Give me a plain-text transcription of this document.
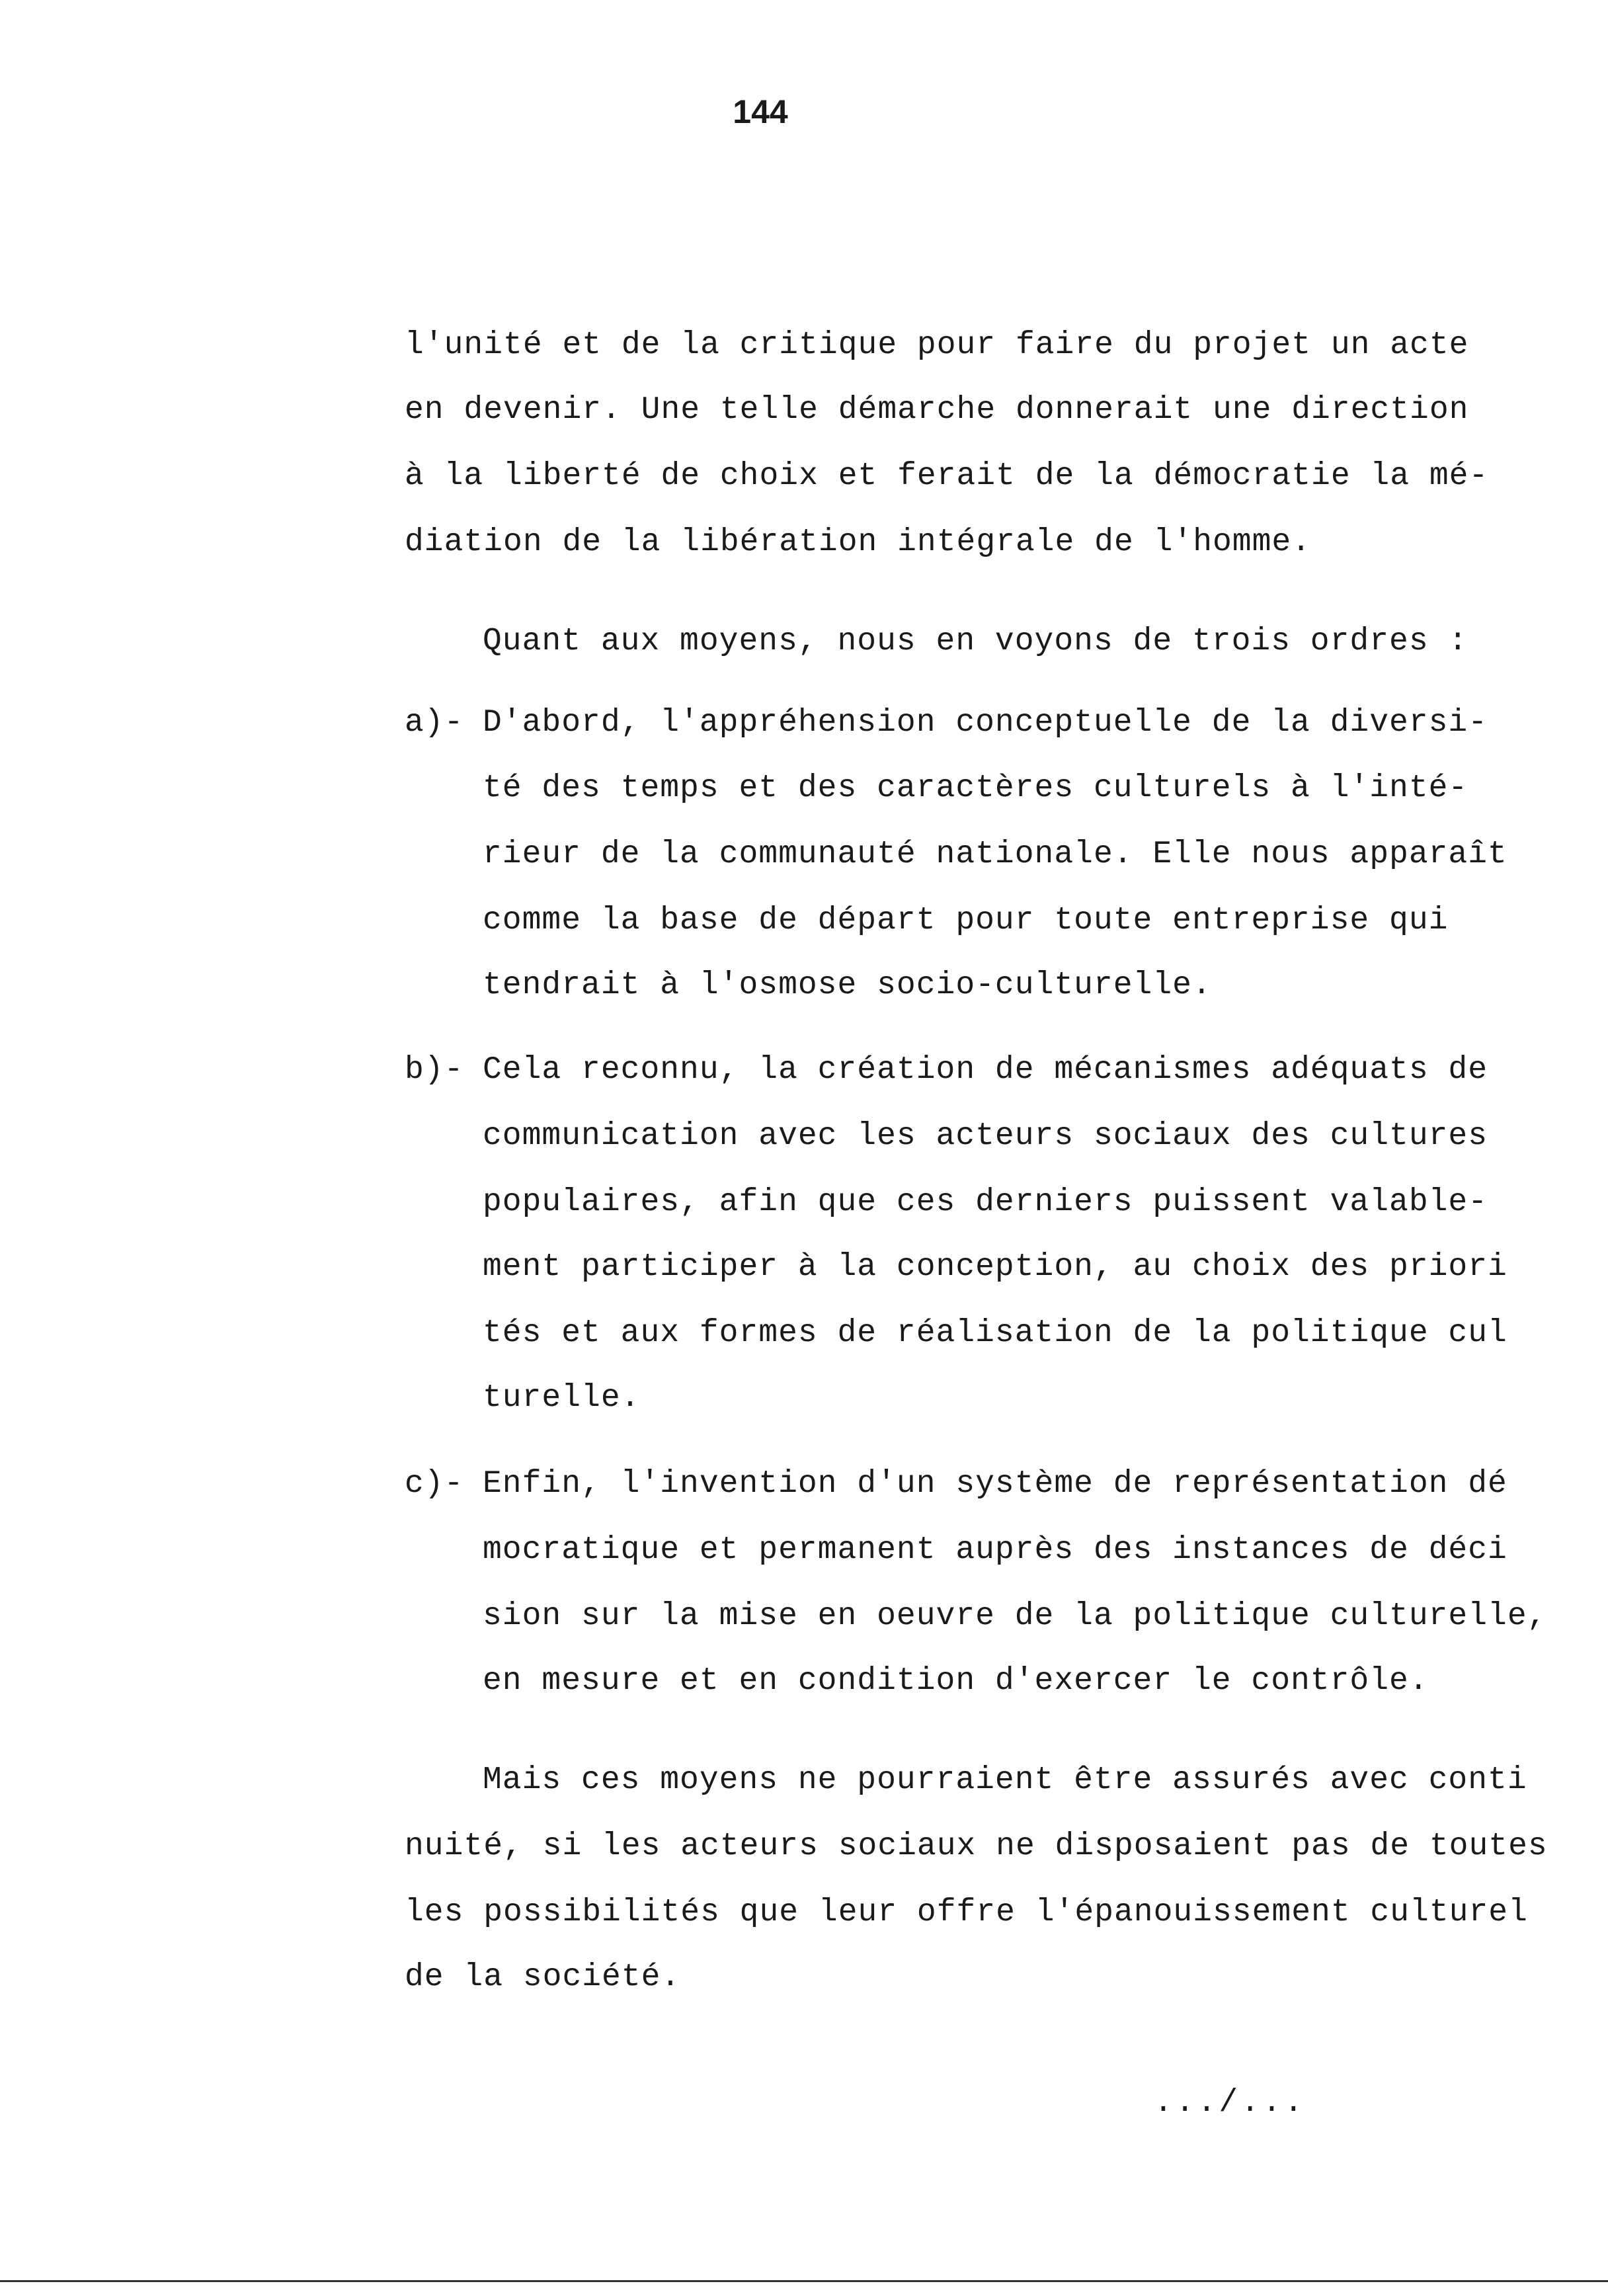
144
l'unité et de la critique pour faire du projet un acte
en devenir. Une telle démarche donnerait une direction
à la liberté de choix et ferait de la démocratie la mé-
diation de la libération intégrale de l'homme.
Quant aux moyens, nous en voyons de trois ordres :
a)- D'abord, l'appréhension conceptuelle de la diversi-
té des temps et des caractères culturels à l'inté-
rieur de la communauté nationale. Elle nous apparaît
comme la base de départ pour toute entreprise qui
tendrait à l'osmose socio-culturelle.
b)- Cela reconnu, la création de mécanismes adéquats de
communication avec les acteurs sociaux des cultures
populaires, afin que ces derniers puissent valable-
ment participer à la conception, au choix des priori
tés et aux formes de réalisation de la politique cul
turelle.
c)- Enfin, l'invention d'un système de représentation dé
mocratique et permanent auprès des instances de déci
sion sur la mise en oeuvre de la politique culturelle,
en mesure et en condition d'exercer le contrôle.
Mais ces moyens ne pourraient être assurés avec conti
nuité, si les acteurs sociaux ne disposaient pas de toutes
les possibilités que leur offre l'épanouissement culturel
de la société.
.../...
